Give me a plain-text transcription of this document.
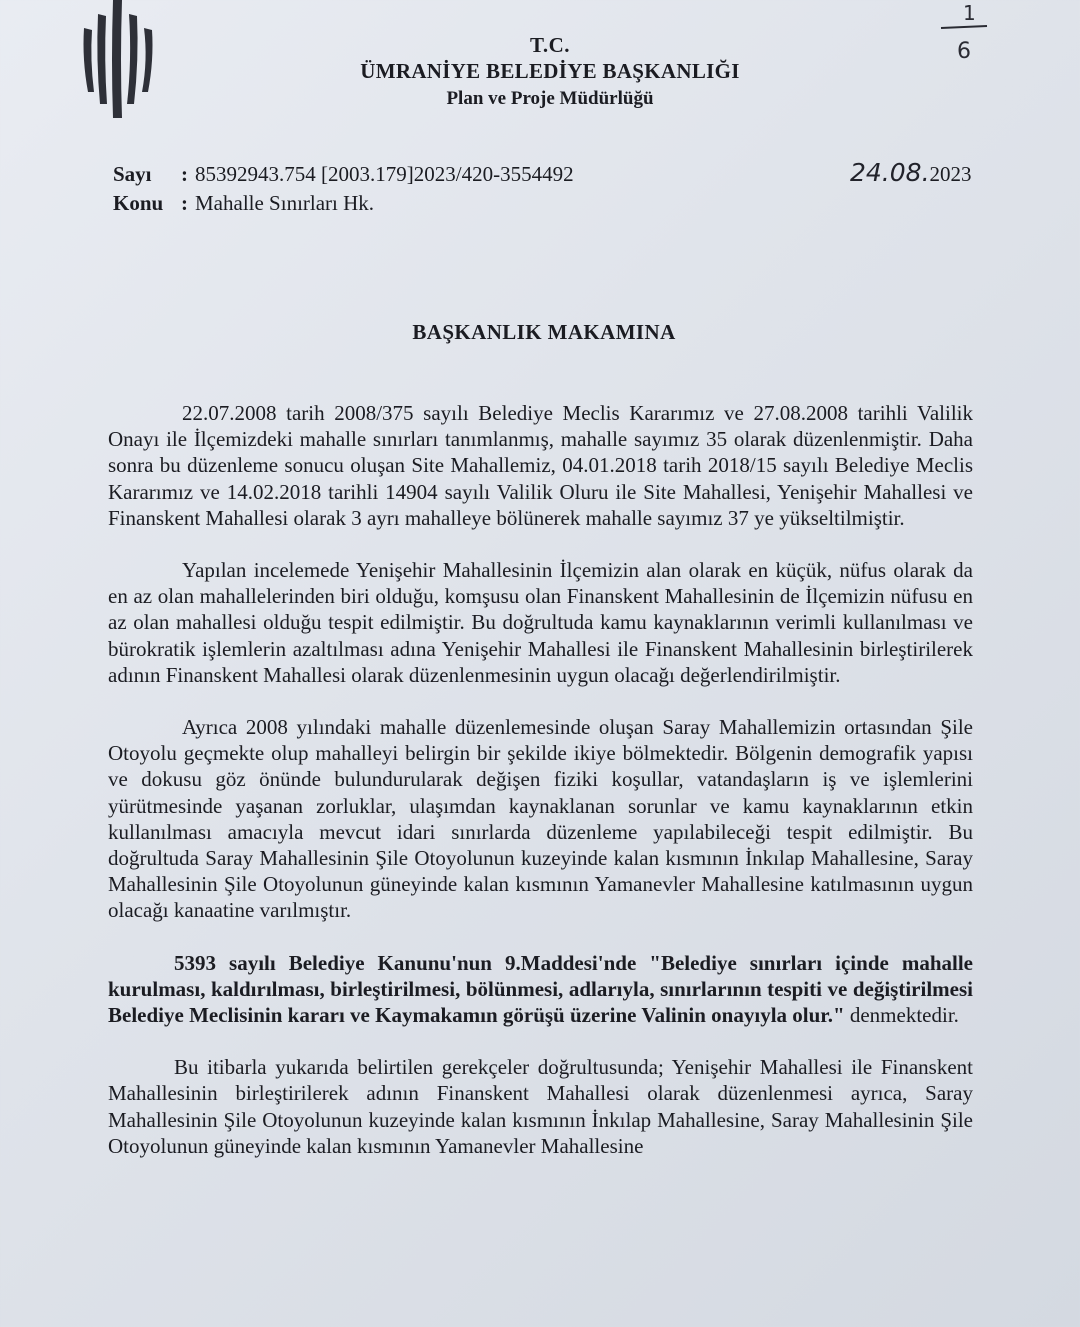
T.C.
ÜMRANİYE BELEDİYE BAŞKANLIĞI
Plan ve Proje Müdürlüğü
1
6
Sayı	: 85392943.754 [2003.179]2023/420-3554492
Konu : Mahalle Sınırları Hk.
24.08.2023
BAŞKANLIK MAKAMINA

22.07.2008 tarih 2008/375 sayılı Belediye Meclis Kararımız ve 27.08.2008 tarihli Valilik Onayı ile İlçemizdeki mahalle sınırları tanımlanmış, mahalle sayımız 35 olarak düzenlenmiştir. Daha sonra bu düzenleme sonucu oluşan Site Mahallemiz, 04.01.2018 tarih 2018/15 sayılı Belediye Meclis Kararımız ve 14.02.2018 tarihli 14904 sayılı Valilik Oluru ile Site Mahallesi, Yenişehir Mahallesi ve Finanskent Mahallesi olarak 3 ayrı mahalleye bölünerek mahalle sayımız 37 ye yükseltilmiştir.

Yapılan incelemede Yenişehir Mahallesinin İlçemizin alan olarak en küçük, nüfus olarak da en az olan mahallelerinden biri olduğu, komşusu olan Finanskent Mahallesinin de İlçemizin nüfusu en az olan mahallesi olduğu tespit edilmiştir. Bu doğrultuda kamu kaynaklarının verimli kullanılması ve bürokratik işlemlerin azaltılması adına Yenişehir Mahallesi ile Finanskent Mahallesinin birleştirilerek adının Finanskent Mahallesi olarak düzenlenmesinin uygun olacağı değerlendirilmiştir.

Ayrıca 2008 yılındaki mahalle düzenlemesinde oluşan Saray Mahallemizin ortasından Şile Otoyolu geçmekte olup mahalleyi belirgin bir şekilde ikiye bölmektedir. Bölgenin demografik yapısı ve dokusu göz önünde bulundurularak değişen fiziki koşullar, vatandaşların iş ve işlemlerini yürütmesinde yaşanan zorluklar, ulaşımdan kaynaklanan sorunlar ve kamu kaynaklarının etkin kullanılması amacıyla mevcut idari sınırlarda düzenleme yapılabileceği tespit edilmiştir. Bu doğrultuda Saray Mahallesinin Şile Otoyolunun kuzeyinde kalan kısmının İnkılap Mahallesine, Saray Mahallesinin Şile Otoyolunun güneyinde kalan kısmının Yamanevler Mahallesine katılmasının uygun olacağı kanaatine varılmıştır.

5393 sayılı Belediye Kanunu'nun 9.Maddesi'nde "Belediye sınırları içinde mahalle kurulması, kaldırılması, birleştirilmesi, bölünmesi, adlarıyla, sınırlarının tespiti ve değiştirilmesi Belediye Meclisinin kararı ve Kaymakamın görüşü üzerine Valinin onayıyla olur." denmektedir.

Bu itibarla yukarıda belirtilen gerekçeler doğrultusunda; Yenişehir Mahallesi ile Finanskent Mahallesinin birleştirilerek adının Finanskent Mahallesi olarak düzenlenmesi ayrıca, Saray Mahallesinin Şile Otoyolunun kuzeyinde kalan kısmının İnkılap Mahallesine, Saray Mahallesinin Şile Otoyolunun güneyinde kalan kısmının Yamanevler Mahallesine
